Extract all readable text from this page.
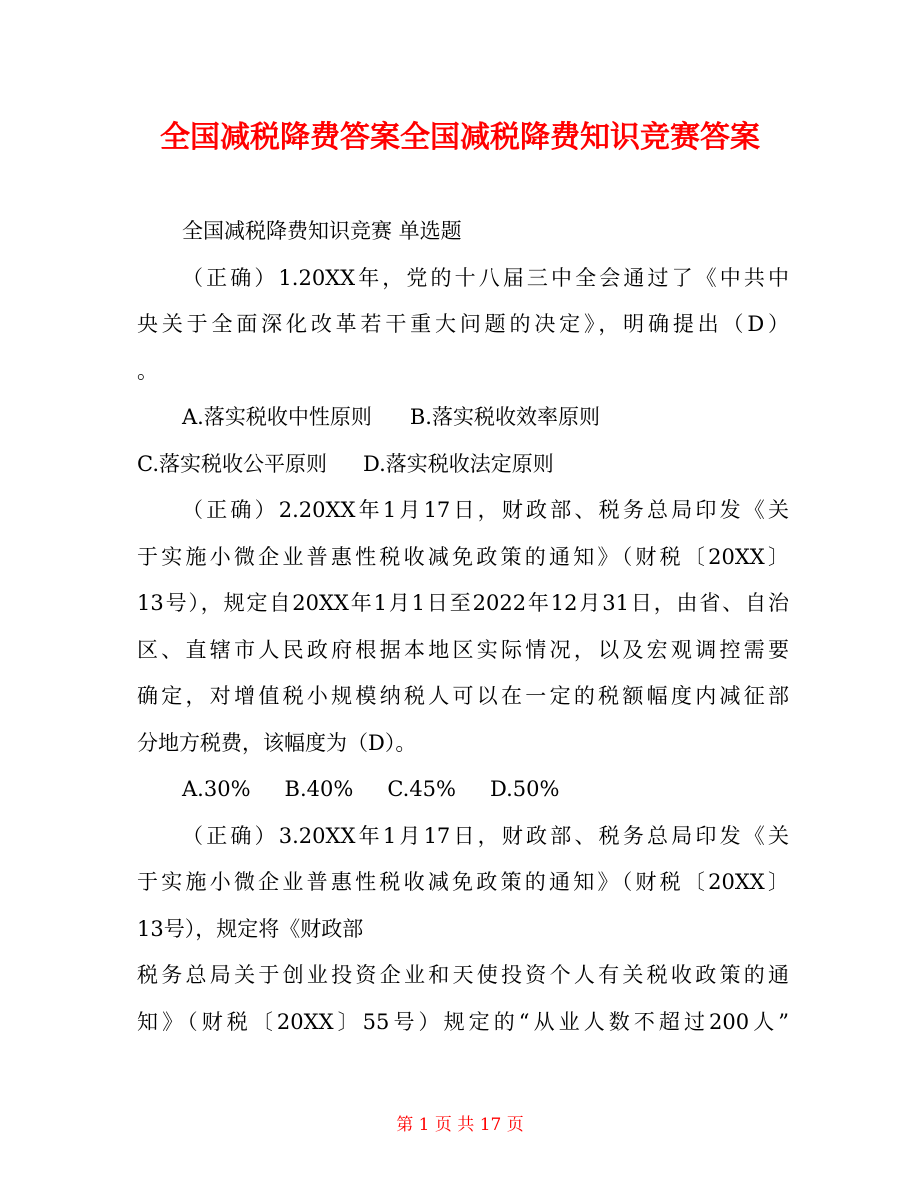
全国减税降费答案全国减税降费知识竞赛答案
全国减税降费知识竞赛 单选题
（正确）1.20XX年，党的十八届三中全会通过了《中共中
央关于全面深化改革若干重大问题的决定》，明确提出（D）
。
A.落实税收中性原则 B.落实税收效率原则
C.落实税收公平原则 D.落实税收法定原则
（正确）2.20XX年1月17日，财政部、税务总局印发《关
于实施小微企业普惠性税收减免政策的通知》（财税〔20XX〕
13号），规定自20XX年1月1日至2022年12月31日，由省、自治
区、直辖市人民政府根据本地区实际情况，以及宏观调控需要
确定，对增值税小规模纳税人可以在一定的税额幅度内减征部
分地方税费，该幅度为（D）。
A.30% B.40% C.45% D.50%
（正确）3.20XX年1月17日，财政部、税务总局印发《关
于实施小微企业普惠性税收减免政策的通知》（财税〔20XX〕
13号），规定将《财政部
税务总局关于创业投资企业和天使投资个人有关税收政策的通
知》（财税〔20XX〕55号）规定的“从业人数不超过200人”
第 1 页 共 17 页
